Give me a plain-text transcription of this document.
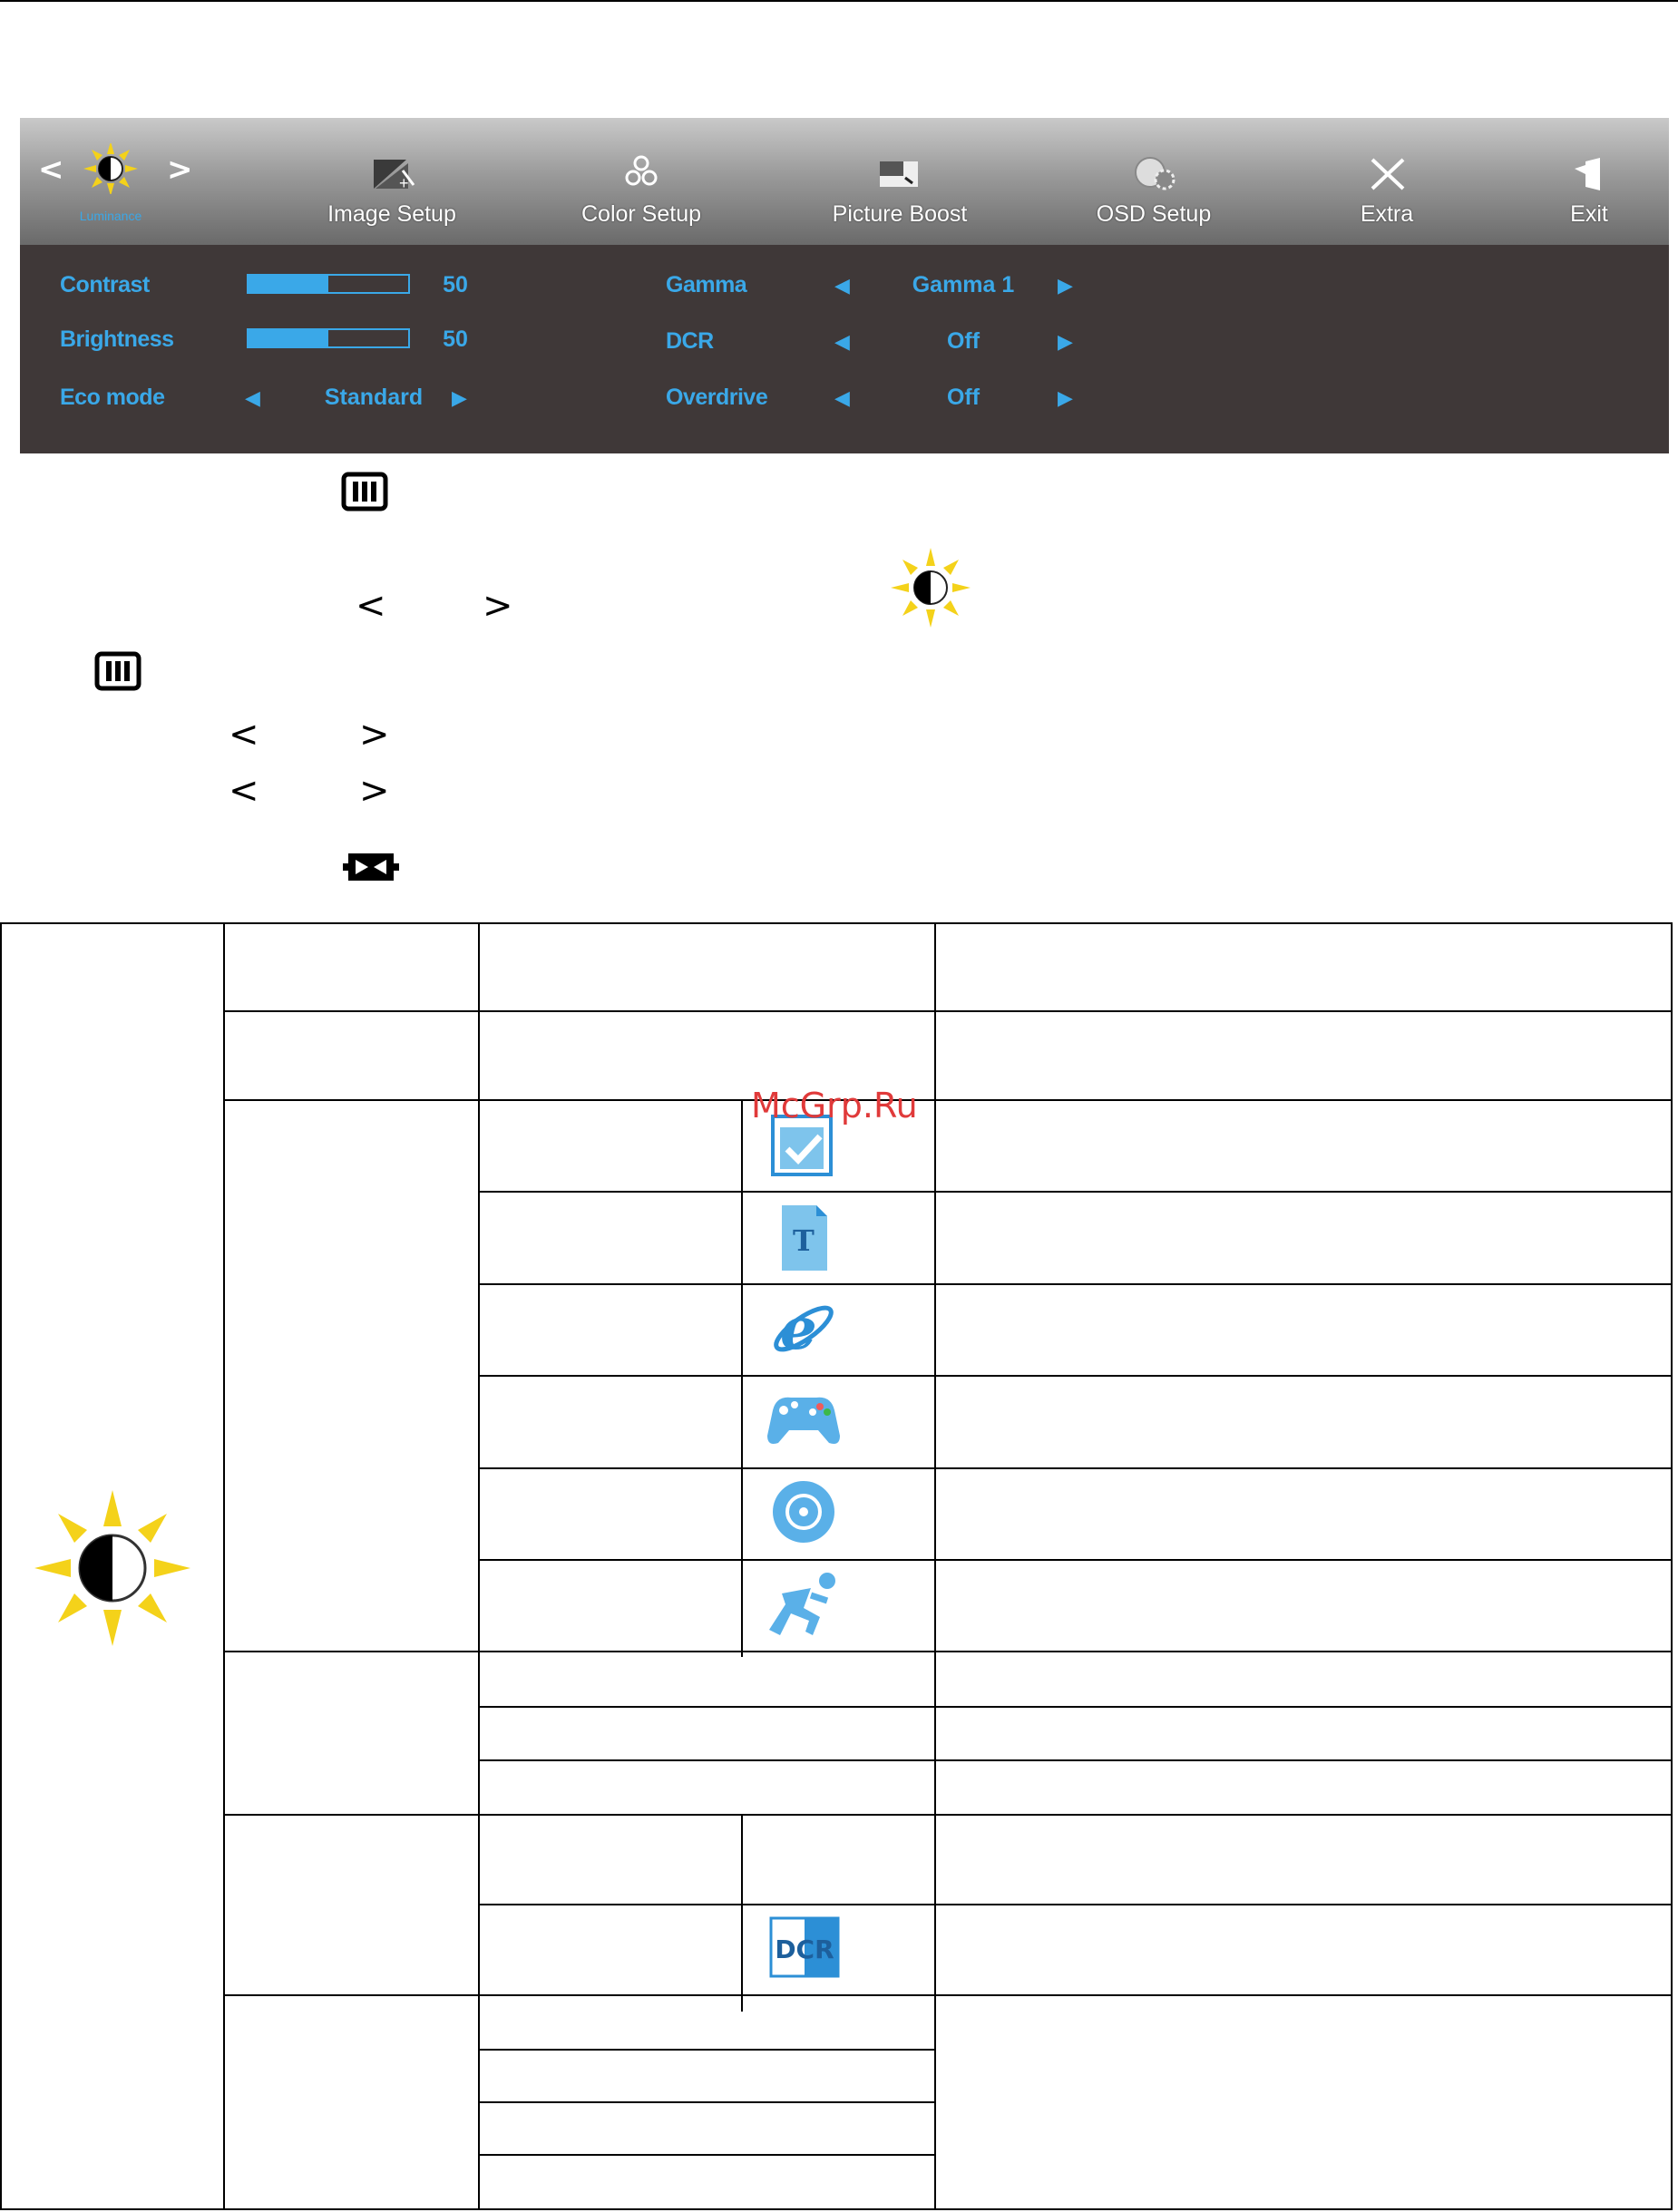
<	>
Luminance
+
Image Setup	Color Setup	Picture Boost	OSD Setup	Extra	Exit
Contrast	50
Brightness	50
Eco mode	◀	Standard	▶
Gamma	◀	Gamma 1	▶
DCR	◀	Off	▶
Overdrive	◀	Off	▶
<	>
<	>
<	>
T
e
DCR
McGrp.Ru
